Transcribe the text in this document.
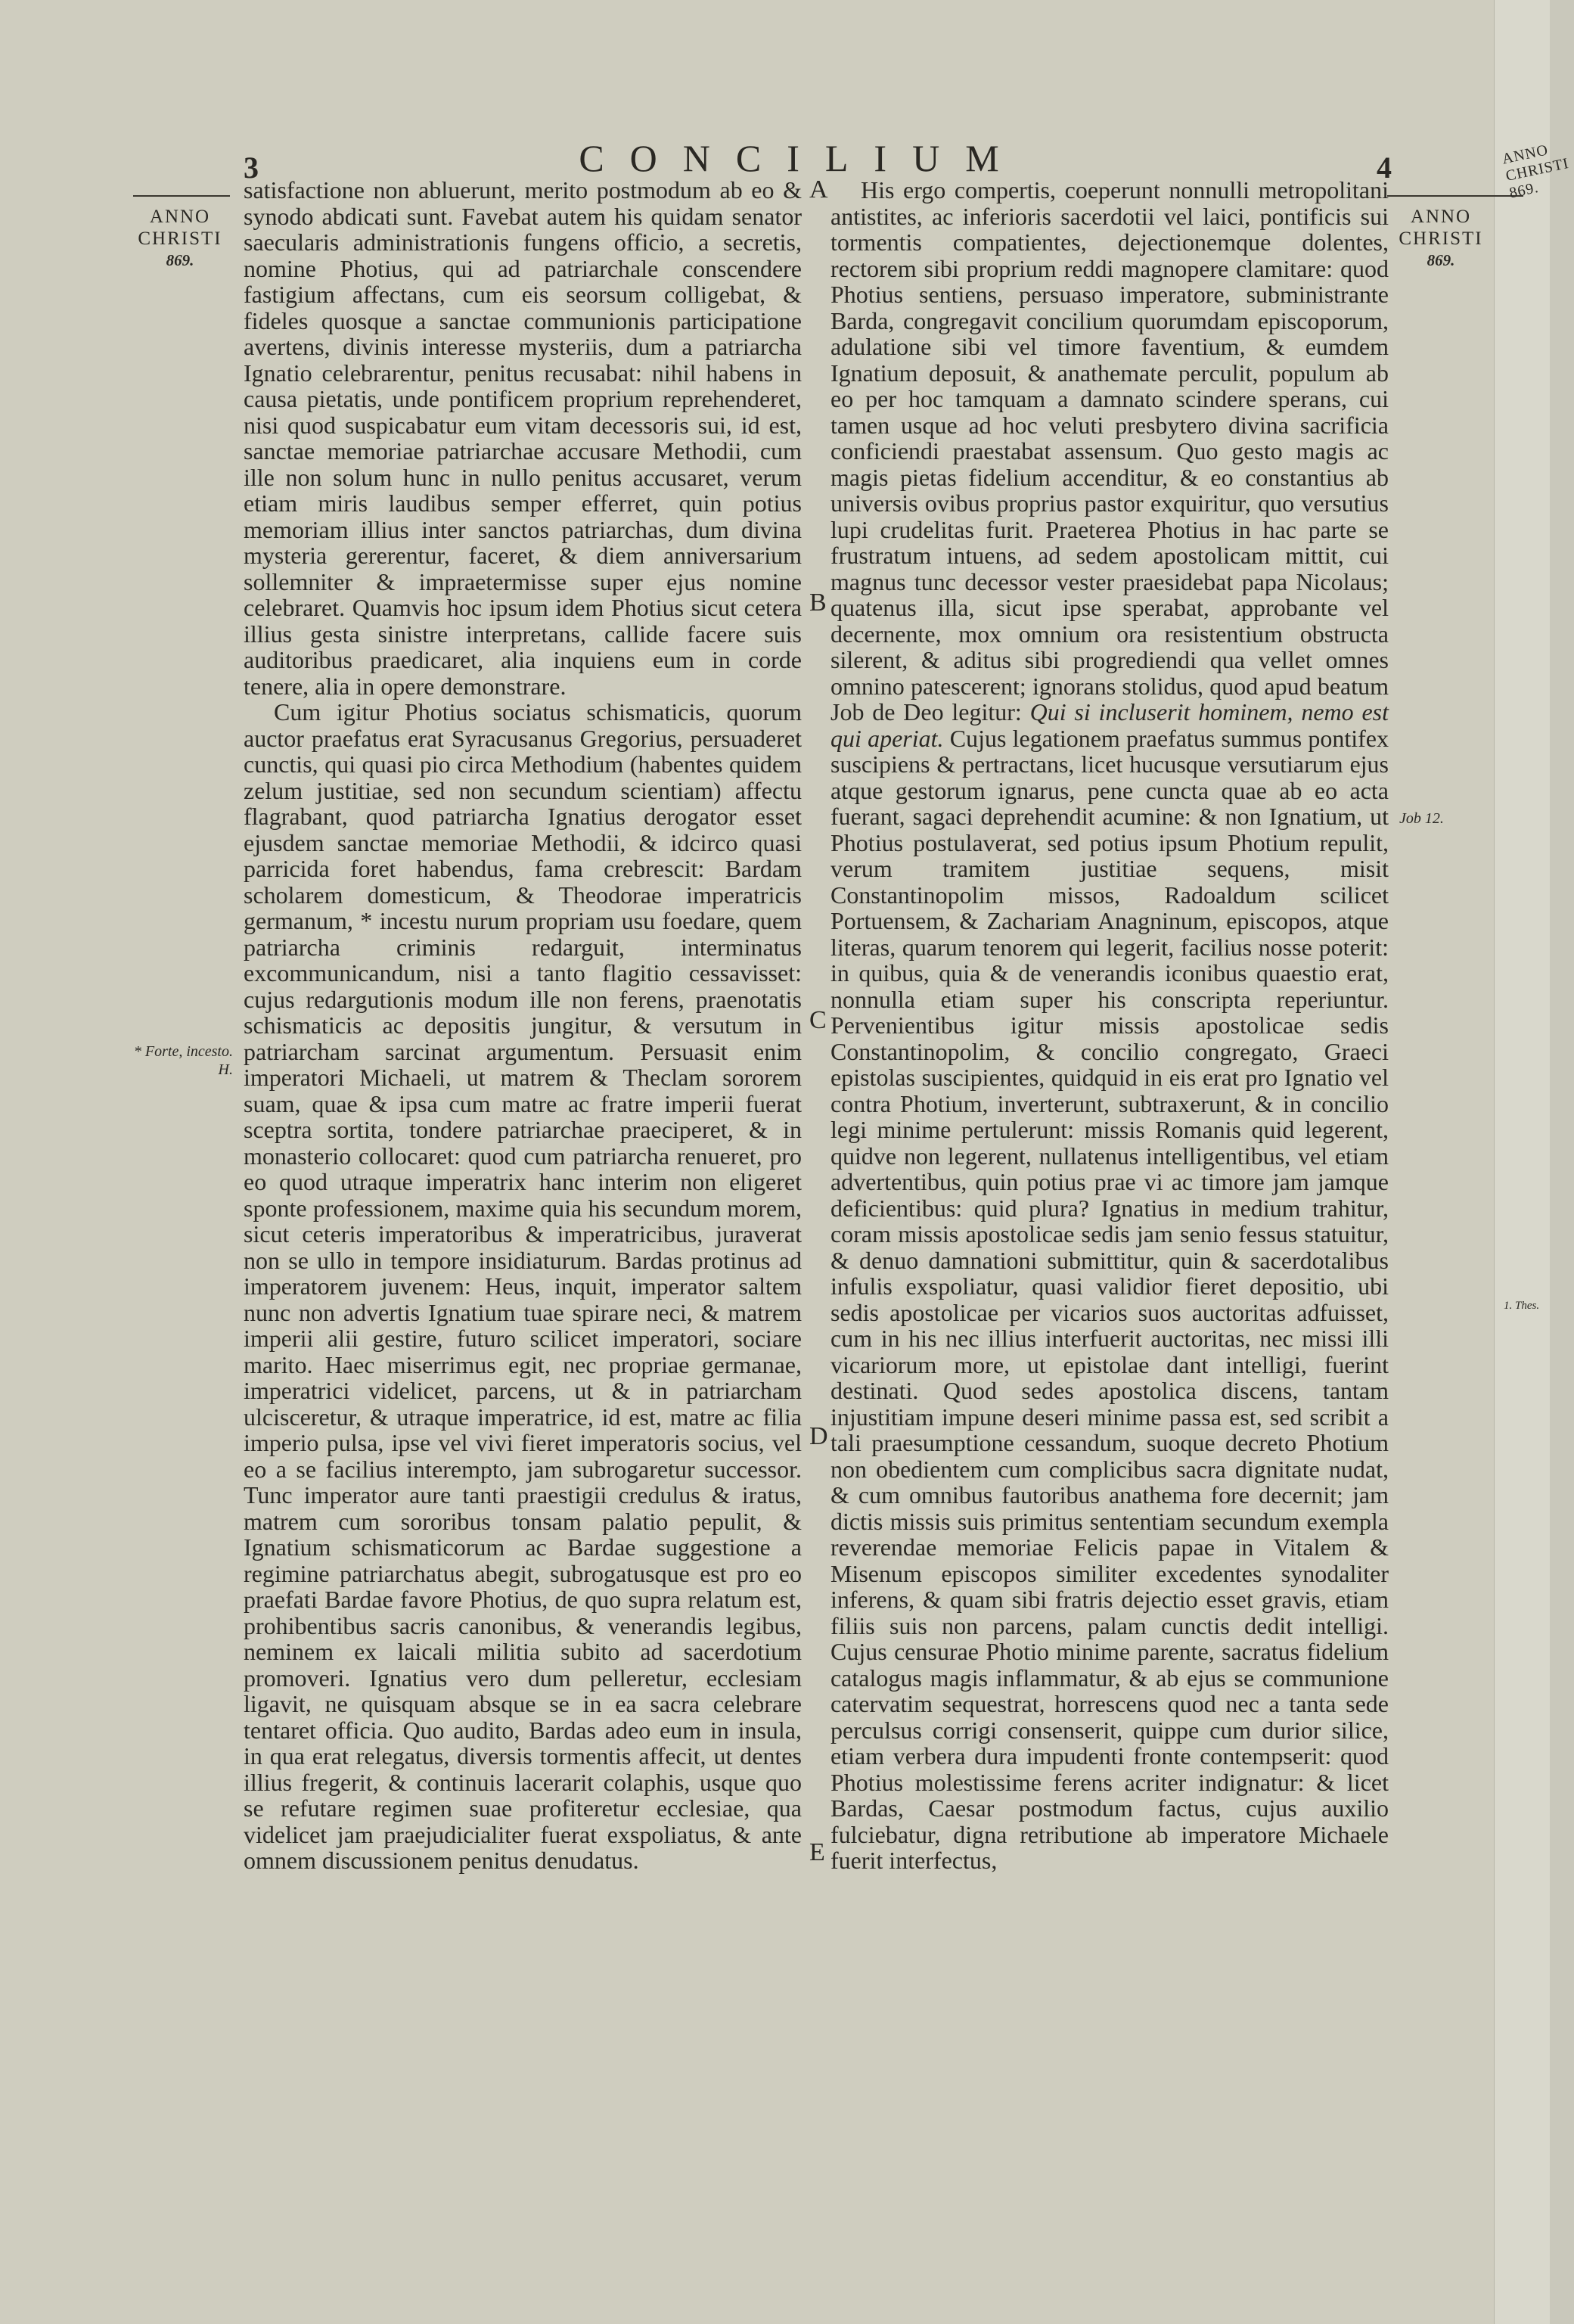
ANNO CHRISTI 869.
1. Thes.
3	CONCILIUM	4
ANNO
CHRISTI
869.
ANNO
CHRISTI
869.
* Forte, incesto. H.
Job 12.
A
B
C
D
E

satisfactione non abluerunt, merito postmodum ab eo & synodo abdicati sunt. Favebat autem his quidam senator saecularis administrationis fungens officio, a secretis, nomine Photius, qui ad patriarchale conscendere fastigium affectans, cum eis seorsum colligebat, & fideles quosque a sanctae communionis participatione avertens, divinis interesse mysteriis, dum a patriarcha Ignatio celebrarentur, penitus recusabat: nihil habens in causa pietatis, unde pontificem proprium reprehenderet, nisi quod suspicabatur eum vitam decessoris sui, id est, sanctae memoriae patriarchae accusare Methodii, cum ille non solum hunc in nullo penitus accusaret, verum etiam miris laudibus semper efferret, quin potius memoriam illius inter sanctos patriarchas, dum divina mysteria gererentur, faceret, & diem anniversarium sollemniter & impraetermisse super ejus nomine celebraret. Quamvis hoc ipsum idem Photius sicut cetera illius gesta sinistre interpretans, callide facere suis auditoribus praedicaret, alia inquiens eum in corde tenere, alia in opere demonstrare.

Cum igitur Photius sociatus schismaticis, quorum auctor praefatus erat Syracusanus Gregorius, persuaderet cunctis, qui quasi pio circa Methodium (habentes quidem zelum justitiae, sed non secundum scientiam) affectu flagrabant, quod patriarcha Ignatius derogator esset ejusdem sanctae memoriae Methodii, & idcirco quasi parricida foret habendus, fama crebrescit: Bardam scholarem domesticum, & Theodorae imperatricis germanum, * incestu nurum propriam usu foedare, quem patriarcha criminis redarguit, interminatus excommunicandum, nisi a tanto flagitio cessavisset: cujus redargutionis modum ille non ferens, praenotatis schismaticis ac depositis jungitur, & versutum in patriarcham sarcinat argumentum. Persuasit enim imperatori Michaeli, ut matrem & Theclam sororem suam, quae & ipsa cum matre ac fratre imperii fuerat sceptra sortita, tondere patriarchae praeciperet, & in monasterio collocaret: quod cum patriarcha renueret, pro eo quod utraque imperatrix hanc interim non eligeret sponte professionem, maxime quia his secundum morem, sicut ceteris imperatoribus & imperatricibus, juraverat non se ullo in tempore insidiaturum. Bardas protinus ad imperatorem juvenem: Heus, inquit, imperator saltem nunc non advertis Ignatium tuae spirare neci, & matrem imperii alii gestire, futuro scilicet imperatori, sociare marito. Haec miserrimus egit, nec propriae germanae, imperatrici videlicet, parcens, ut & in patriarcham ulcisceretur, & utraque imperatrice, id est, matre ac filia imperio pulsa, ipse vel vivi fieret imperatoris socius, vel eo a se facilius interempto, jam subrogaretur successor. Tunc imperator aure tanti praestigii credulus & iratus, matrem cum sororibus tonsam palatio pepulit, & Ignatium schismaticorum ac Bardae suggestione a regimine patriarchatus abegit, subrogatusque est pro eo praefati Bardae favore Photius, de quo supra relatum est, prohibentibus sacris canonibus, & venerandis legibus, neminem ex laicali militia subito ad sacerdotium promoveri. Ignatius vero dum pelleretur, ecclesiam ligavit, ne quisquam absque se in ea sacra celebrare tentaret officia. Quo audito, Bardas adeo eum in insula, in qua erat relegatus, diversis tormentis affecit, ut dentes illius fregerit, & continuis lacerarit colaphis, usque quo se refutare regimen suae profiteretur ecclesiae, qua videlicet jam praejudicialiter fuerat exspoliatus, & ante omnem discussionem penitus denudatus.

His ergo compertis, coeperunt nonnulli metropolitani antistites, ac inferioris sacerdotii vel laici, pontificis sui tormentis compatientes, dejectionemque dolentes, rectorem sibi proprium reddi magnopere clamitare: quod Photius sentiens, persuaso imperatore, subministrante Barda, congregavit concilium quorumdam episcoporum, adulatione sibi vel timore faventium, & eumdem Ignatium deposuit, & anathemate perculit, populum ab eo per hoc tamquam a damnato scindere sperans, cui tamen usque ad hoc veluti presbytero divina sacrificia conficiendi praestabat assensum. Quo gesto magis ac magis pietas fidelium accenditur, & eo constantius ab universis ovibus proprius pastor exquiritur, quo versutius lupi crudelitas furit. Praeterea Photius in hac parte se frustratum intuens, ad sedem apostolicam mittit, cui magnus tunc decessor vester praesidebat papa Nicolaus; quatenus illa, sicut ipse sperabat, approbante vel decernente, mox omnium ora resistentium obstructa silerent, & aditus sibi progrediendi qua vellet omnes omnino patescerent; ignorans stolidus, quod apud beatum Job de Deo legitur: Qui si incluserit hominem, nemo est qui aperiat. Cujus legationem praefatus summus pontifex suscipiens & pertractans, licet hucusque versutiarum ejus atque gestorum ignarus, pene cuncta quae ab eo acta fuerant, sagaci deprehendit acumine: & non Ignatium, ut Photius postulaverat, sed potius ipsum Photium repulit, verum tramitem justitiae sequens, misit Constantinopolim missos, Radoaldum scilicet Portuensem, & Zachariam Anagninum, episcopos, atque literas, quarum tenorem qui legerit, facilius nosse poterit: in quibus, quia & de venerandis iconibus quaestio erat, nonnulla etiam super his conscripta reperiuntur. Pervenientibus igitur missis apostolicae sedis Constantinopolim, & concilio congregato, Graeci epistolas suscipientes, quidquid in eis erat pro Ignatio vel contra Photium, inverterunt, subtraxerunt, & in concilio legi minime pertulerunt: missis Romanis quid legerent, quidve non legerent, nullatenus intelligentibus, vel etiam advertentibus, quin potius prae vi ac timore jam jamque deficientibus: quid plura? Ignatius in medium trahitur, coram missis apostolicae sedis jam senio fessus statuitur, & denuo damnationi submittitur, quin & sacerdotalibus infulis exspoliatur, quasi validior fieret depositio, ubi sedis apostolicae per vicarios suos auctoritas adfuisset, cum in his nec illius interfuerit auctoritas, nec missi illi vicariorum more, ut epistolae dant intelligi, fuerint destinati. Quod sedes apostolica discens, tantam injustitiam impune deseri minime passa est, sed scribit a tali praesumptione cessandum, suoque decreto Photium non obedientem cum complicibus sacra dignitate nudat, & cum omnibus fautoribus anathema fore decernit; jam dictis missis suis primitus sententiam secundum exempla reverendae memoriae Felicis papae in Vitalem & Misenum episcopos similiter excedentes synodaliter inferens, & quam sibi fratris dejectio esset gravis, etiam filiis suis non parcens, palam cunctis dedit intelligi. Cujus censurae Photio minime parente, sacratus fidelium catalogus magis inflammatur, & ab ejus se communione catervatim sequestrat, horrescens quod nec a tanta sede perculsus corrigi consenserit, quippe cum durior silice, etiam verbera dura impudenti fronte contempserit: quod Photius molestissime ferens acriter indignatur: & licet Bardas, Caesar postmodum factus, cujus auxilio fulciebatur, digna retributione ab imperatore Michaele fuerit interfectus,
